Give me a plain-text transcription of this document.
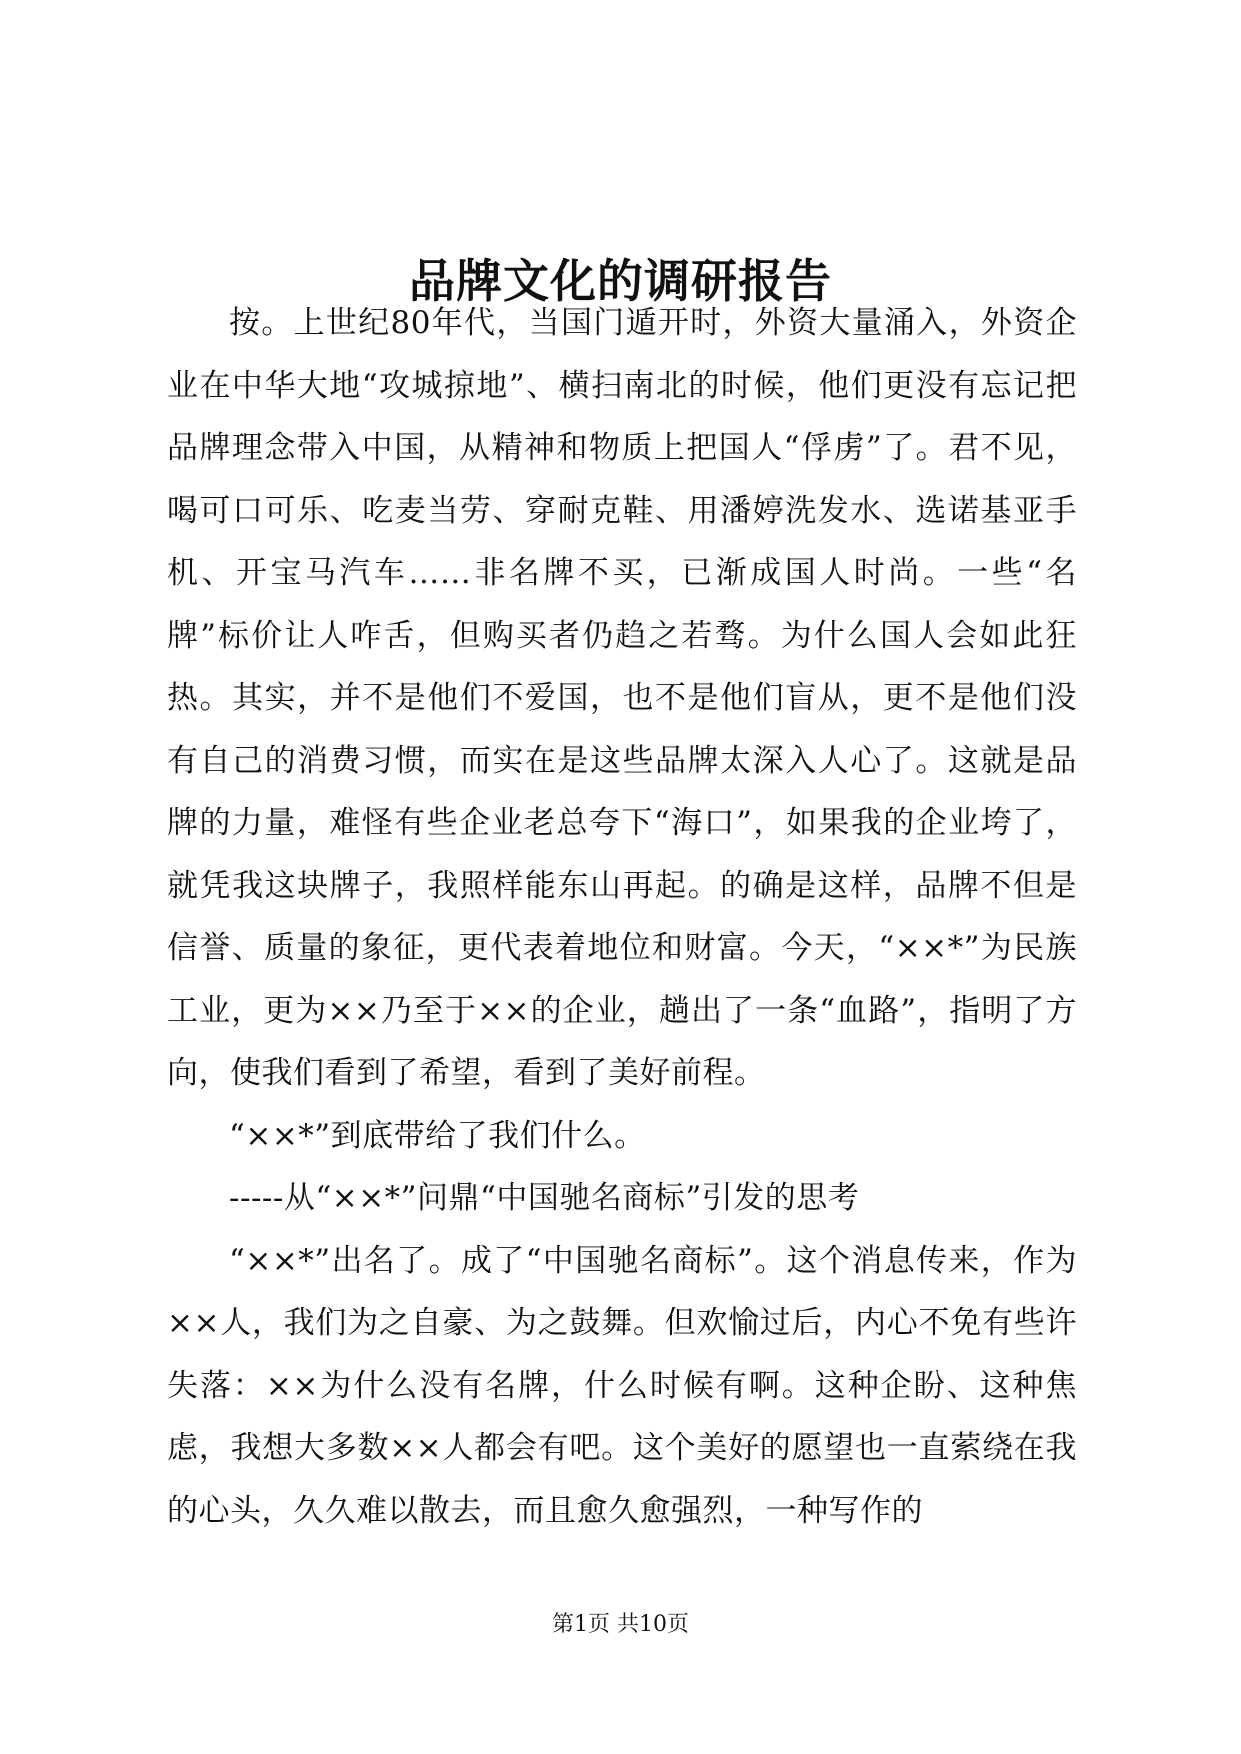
品牌文化的调研报告

按。上世纪80年代，当国门遁开时，外资大量涌入，外资企业在中华大地“攻城掠地”、横扫南北的时候，他们更没有忘记把品牌理念带入中国，从精神和物质上把国人“俘虏”了。君不见，喝可口可乐、吃麦当劳、穿耐克鞋、用潘婷洗发水、选诺基亚手机、开宝马汽车……非名牌不买，已渐成国人时尚。一些“名牌”标价让人咋舌，但购买者仍趋之若骛。为什么国人会如此狂热。其实，并不是他们不爱国，也不是他们盲从，更不是他们没有自己的消费习惯，而实在是这些品牌太深入人心了。这就是品牌的力量，难怪有些企业老总夸下“海口”，如果我的企业垮了，就凭我这块牌子，我照样能东山再起。的确是这样，品牌不但是信誉、质量的象征，更代表着地位和财富。今天，“××*”为民族工业，更为××乃至于××的企业，趟出了一条“血路”，指明了方向，使我们看到了希望，看到了美好前程。

“××*”到底带给了我们什么。

-----从“××*”问鼎“中国驰名商标”引发的思考

“××*”出名了。成了“中国驰名商标”。这个消息传来，作为××人，我们为之自豪、为之鼓舞。但欢愉过后，内心不免有些许失落：××为什么没有名牌，什么时候有啊。这种企盼、这种焦虑，我想大多数××人都会有吧。这个美好的愿望也一直萦绕在我的心头，久久难以散去，而且愈久愈强烈，一种写作的

第1页 共10页
